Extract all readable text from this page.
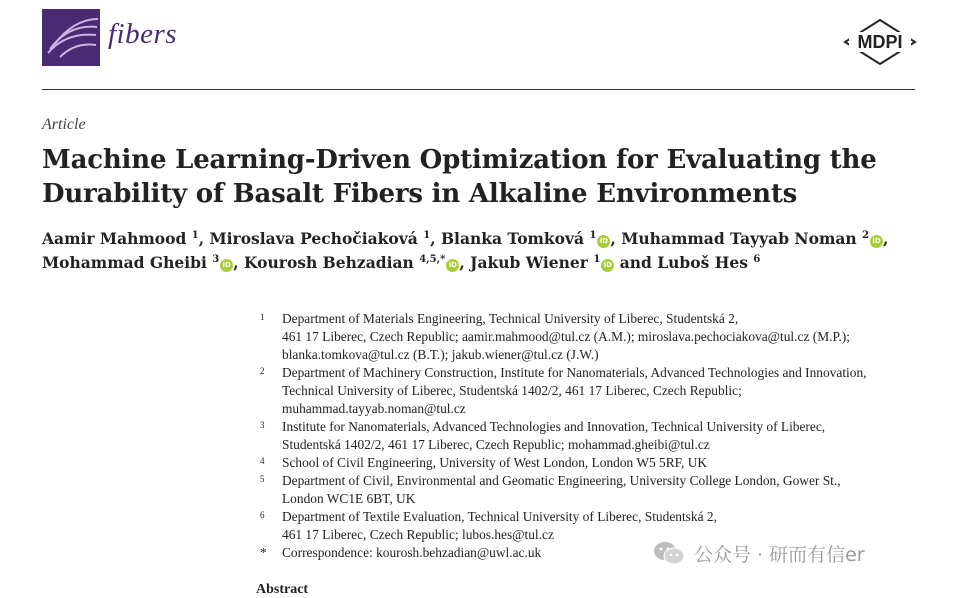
fibers	MDPI
Article
Machine Learning-Driven Optimization for Evaluating the Durability of Basalt Fibers in Alkaline Environments
Aamir Mahmood $^1$, Miroslava Pechočiaková $^1$, Blanka Tomková $^1$ iD , Muhammad Tayyab Noman $^2$ iD ,
Mohammad Gheibi $^3$ iD , Kourosh Behzadian $^{4,5,*}$ iD , Jakub Wiener $^1$ iD and Luboš Hes $^6$
1	Department of Materials Engineering, Technical University of Liberec, Studentská 2,
461 17 Liberec, Czech Republic; aamir.mahmood@tul.cz (A.M.); miroslava.pechociakova@tul.cz (M.P.);
blanka.tomkova@tul.cz (B.T.); jakub.wiener@tul.cz (J.W.)
2	Department of Machinery Construction, Institute for Nanomaterials, Advanced Technologies and Innovation,
Technical University of Liberec, Studentská 1402/2, 461 17 Liberec, Czech Republic;
muhammad.tayyab.noman@tul.cz
3	Institute for Nanomaterials, Advanced Technologies and Innovation, Technical University of Liberec,
Studentská 1402/2, 461 17 Liberec, Czech Republic; mohammad.gheibi@tul.cz
4	School of Civil Engineering, University of West London, London W5 5RF, UK
5	Department of Civil, Environmental and Geomatic Engineering, University College London, Gower St.,
London WC1E 6BT, UK
6	Department of Textile Evaluation, Technical University of Liberec, Studentská 2,
461 17 Liberec, Czech Republic; lubos.hes@tul.cz
*	Correspondence: kourosh.behzadian@uwl.ac.uk
Abstract
公众号 · 研而有信er
